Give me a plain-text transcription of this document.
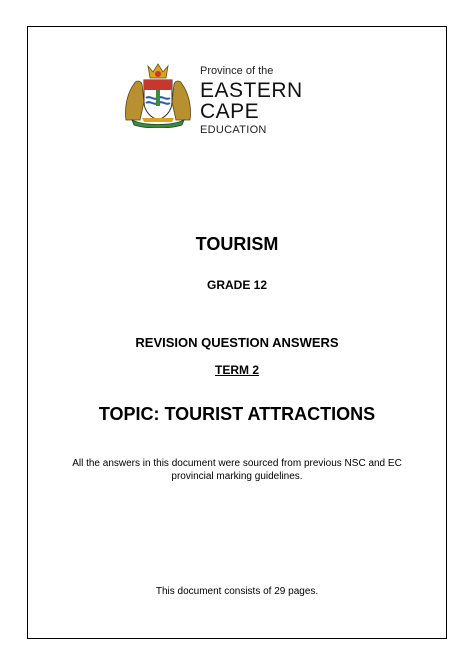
Province of the
EASTERN CAPE
EDUCATION
TOURISM
GRADE 12
REVISION QUESTION ANSWERS
TERM 2
TOPIC: TOURIST ATTRACTIONS
All the answers in this document were sourced from previous NSC and EC provincial marking guidelines.
This document consists of 29 pages.
